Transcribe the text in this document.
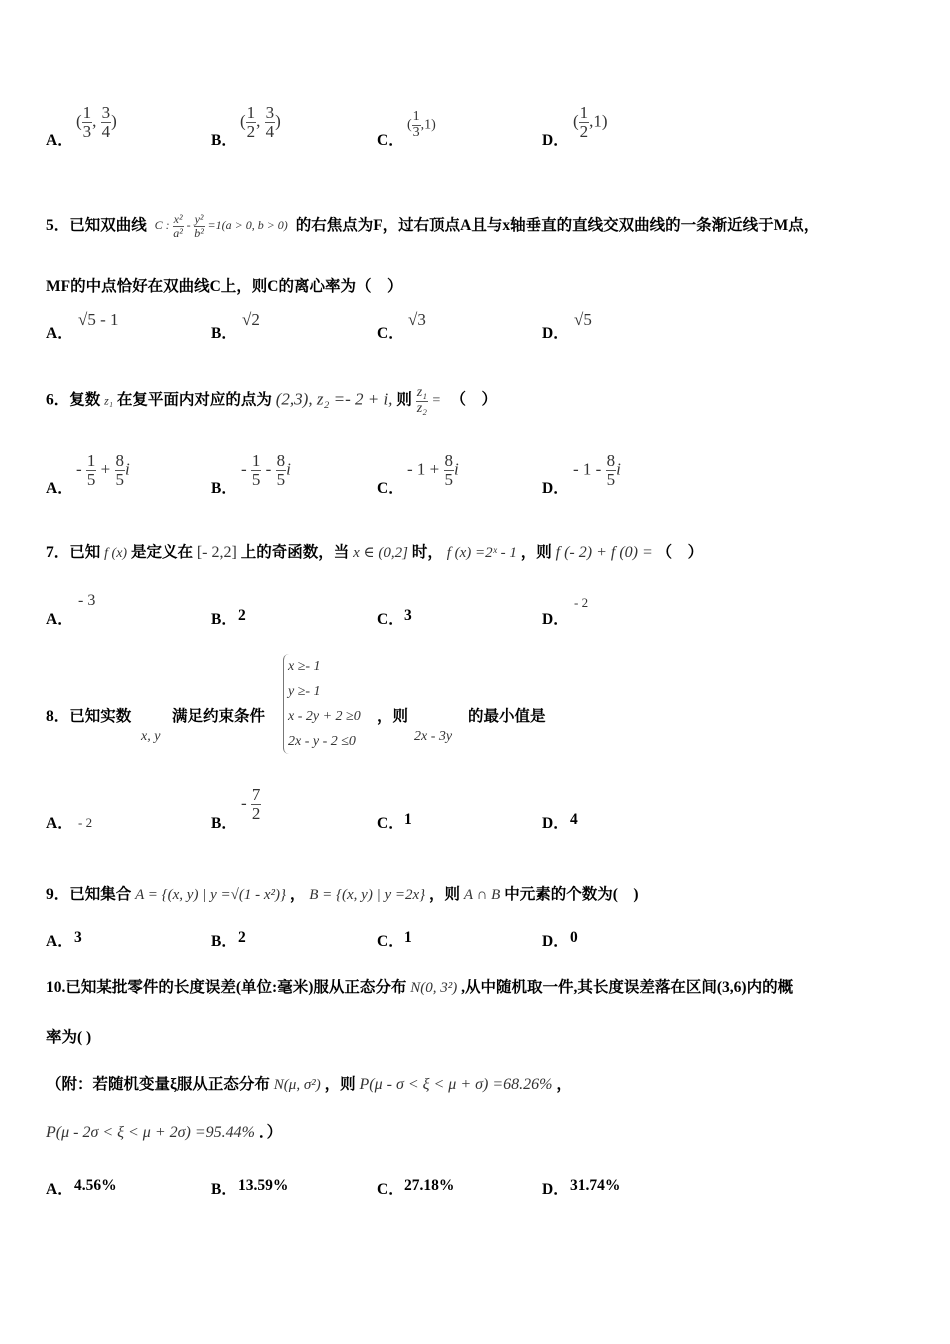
A．
( $\frac{1}{3}$ , $\frac{3}{4}$ )
B．
( $\frac{1}{2}$ , $\frac{3}{4}$ )
C．
( $\frac{1}{3} ,1$)
D．
( $\frac{1}{2} ,1$)
5．已知双曲线 C : $\frac{\text{x²}}{\text{a²}} - \frac{\text{y²}}{\text{b²}} =1(a > 0$, b > 0) 的右焦点为F，过右顶点A且与x轴垂直的直线交双曲线的一条渐近线于M点，
MF的中点恰好在双曲线C上，则C的离心率为（　）
A．
√5 - 1
B．
√2
C．
√3
D．
√5
6．复数 z₁ 在复平面内对应的点为 (2,3), z₂ =- 2 + i, 则 $\frac{\text{z₁}}{\text{z₂}}$ = （　）
A．
- $\frac{1}{5} + \frac{8}{5}$ i
B．
- $\frac{1}{5} - \frac{8}{5}$ i
C．
- $1 + \frac{8}{5}$ i
D．
- $1 - \frac{8}{5}$ i
7．已知 f (x) 是定义在 [- 2,2] 上的奇函数，当 x ∈ (0,2] 时， f (x) =2ˣ - 1 ，则 f (- 2) + f (0) = （　）
A．
- 3
B． 2	C． 3	D．
- 2
8．已知实数	满足约束条件
x, y
x ≥- 1
y ≥- 1
x - 2y + 2 ≥0
2x - y - 2 ≤0
，则
2x - 3y
的最小值是
A． - 2	B．
- $\frac{7}{2}$
C． 1	D． 4
9．已知集合 A = {(x, y) | y =√(1 - x²)} ， B = {(x, y) | y =2x} ，则 A ∩ B 中元素的个数为(　)
A． 3	B． 2	C． 1	D． 0
10.已知某批零件的长度误差(单位:毫米)服从正态分布 N(0, 3²) ,从中随机取一件,其长度误差落在区间(3,6)内的概
率为( )
（附：若随机变量ξ服从正态分布 N(μ, σ²) ，则 P(μ - σ < ξ < μ + σ) =68.26% ，
P(μ - 2σ < ξ < μ + 2σ) =95.44% ．）
A． 4.56%	B． 13.59%	C． 27.18%	D． 31.74%
